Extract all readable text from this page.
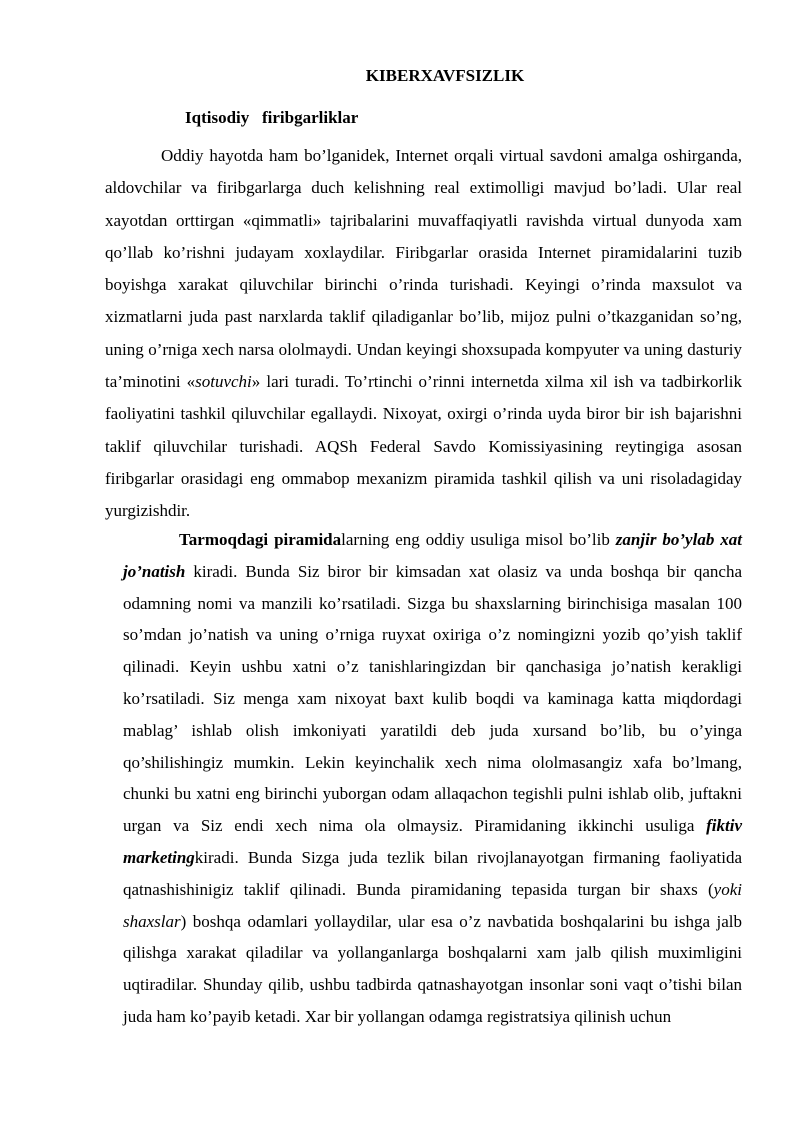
KIBERXAVFSIZLIK
Iqtisodiy   firibgarliklar

Oddiy hayotda ham bo’lganidek, Internet orqali virtual savdoni amalga oshirganda, aldovchilar va firibgarlarga duch kelishning real extimolligi mavjud bo’ladi. Ular real xayotdan orttirgan «qimmatli» tajribalarini muvaffaqiyatli ravishda virtual dunyoda xam qo’llab ko’rishni judayam xoxlaydilar. Firibgarlar orasida Internet piramidalarini tuzib boyishga xarakat qiluvchilar birinchi o’rinda turishadi. Keyingi o’rinda maxsulot va xizmatlarni juda past narxlarda taklif qiladiganlar bo’lib, mijoz pulni o’tkazganidan so’ng, uning o’rniga xech narsa ololmaydi. Undan keyingi shoxsupada kompyuter va uning dasturiy ta’minotini «sotuvchi» lari turadi. To’rtinchi o’rinni internetda xilma xil ish va tadbirkorlik faoliyatini tashkil qiluvchilar egallaydi. Nixoyat, oxirgi o’rinda uyda biror bir ish bajarishni taklif qiluvchilar turishadi. AQSh Federal Savdo Komissiyasining reytingiga asosan firibgarlar orasidagi eng ommabop mexanizm piramida tashkil qilish va uni risoladagiday yurgizishdir.

Tarmoqdagi piramidalarning eng oddiy usuliga misol bo’lib zanjir bo’ylab xat jo’natish kiradi. Bunda Siz biror bir kimsadan xat olasiz va unda boshqa bir qancha odamning nomi va manzili ko’rsatiladi. Sizga bu shaxslarning birinchisiga masalan 100 so’mdan jo’natish va uning o’rniga ruyxat oxiriga o’z nomingizni yozib qo’yish taklif qilinadi. Keyin ushbu xatni o’z tanishlaringizdan bir qanchasiga jo’natish kerakligi ko’rsatiladi. Siz menga xam nixoyat baxt kulib boqdi va kaminaga katta miqdordagi mablag’ ishlab olish imkoniyati yaratildi deb juda xursand bo’lib, bu o’yinga qo’shilishingiz mumkin. Lekin keyinchalik xech nima ololmasangiz xafa bo’lmang, chunki bu xatni eng birinchi yuborgan odam allaqachon tegishli pulni ishlab olib, juftakni urgan va Siz endi xech nima ola olmaysiz. Piramidaning ikkinchi usuliga fiktiv marketingkiradi. Bunda Sizga juda tezlik bilan rivojlanayotgan firmaning faoliyatida qatnashishinigiz taklif qilinadi. Bunda piramidaning tepasida turgan bir shaxs (yoki shaxslar) boshqa odamlari yollaydilar, ular esa o’z navbatida boshqalarini bu ishga jalb qilishga xarakat qiladilar va yollanganlarga boshqalarni xam jalb qilish muximligini uqtiradilar. Shunday qilib, ushbu tadbirda qatnashayotgan insonlar soni vaqt o’tishi bilan juda ham ko’payib ketadi. Xar bir yollangan odamga registratsiya qilinish uchun
